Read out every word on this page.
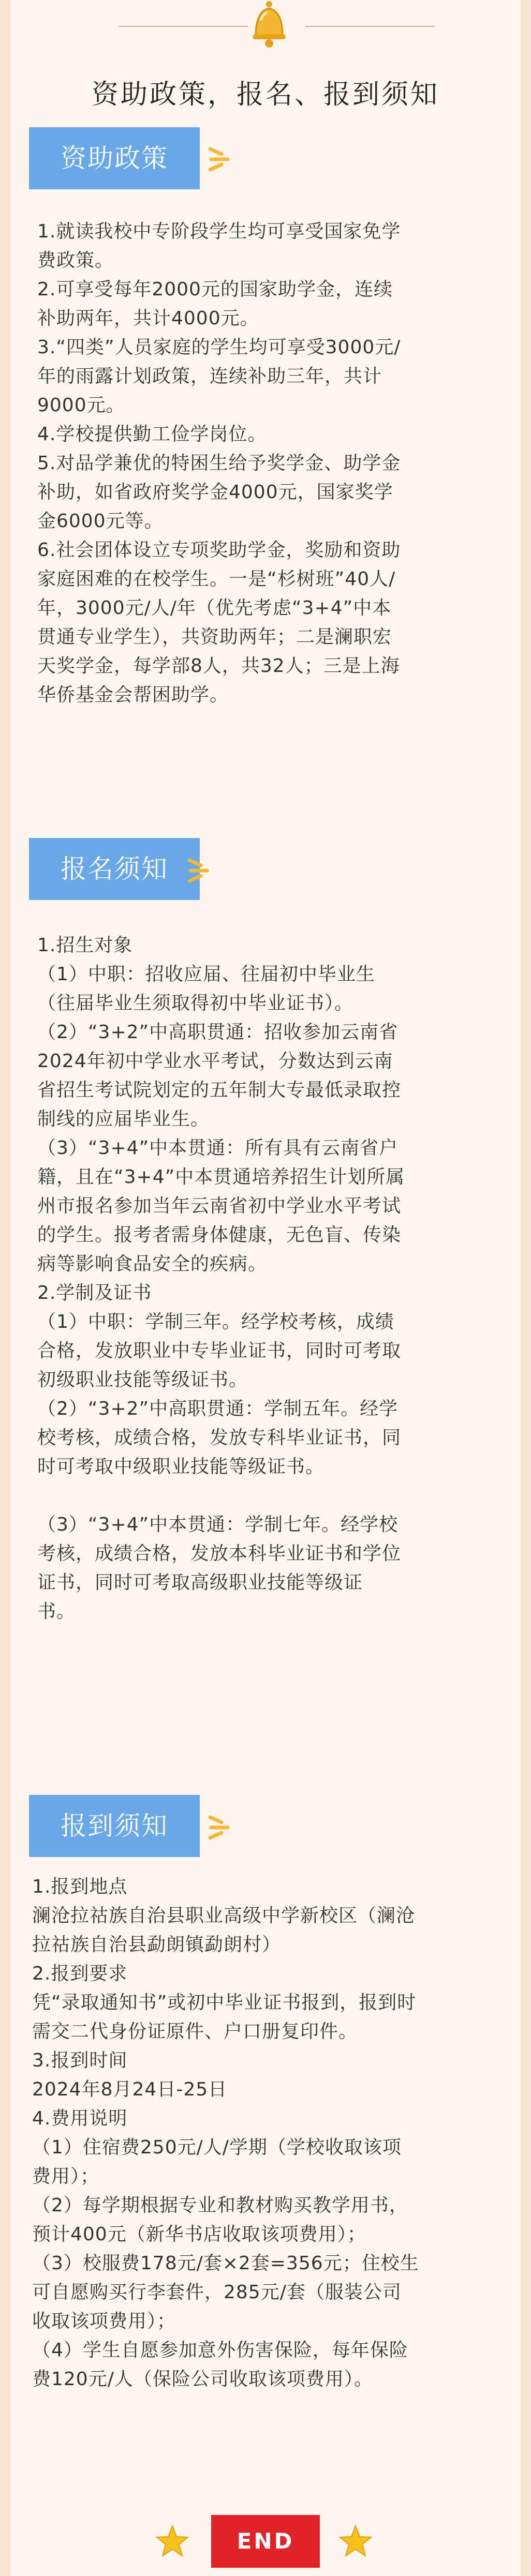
资助政策，报名、报到须知
资助政策
1.就读我校中专阶段学生均可享受国家免学
费政策。
2.可享受每年2000元的国家助学金，连续
补助两年，共计4000元。
3.“四类”人员家庭的学生均可享受3000元/
年的雨露计划政策，连续补助三年，共计
9000元。
4.学校提供勤工俭学岗位。
5.对品学兼优的特困生给予奖学金、助学金
补助，如省政府奖学金4000元，国家奖学
金6000元等。
6.社会团体设立专项奖助学金，奖励和资助
家庭困难的在校学生。一是“杉树班”40人/
年，3000元/人/年（优先考虑“3+4”中本
贯通专业学生），共资助两年；二是澜职宏
天奖学金，每学部8人，共32人；三是上海
华侨基金会帮困助学。
报名须知
1.招生对象
（1）中职：招收应届、往届初中毕业生
（往届毕业生须取得初中毕业证书）。
（2）“3+2”中高职贯通：招收参加云南省
2024年初中学业水平考试，分数达到云南
省招生考试院划定的五年制大专最低录取控
制线的应届毕业生。
（3）“3+4”中本贯通：所有具有云南省户
籍，且在“3+4”中本贯通培养招生计划所属
州市报名参加当年云南省初中学业水平考试
的学生。报考者需身体健康，无色盲、传染
病等影响食品安全的疾病。
2.学制及证书
（1）中职：学制三年。经学校考核，成绩
合格，发放职业中专毕业证书，同时可考取
初级职业技能等级证书。
（2）“3+2”中高职贯通：学制五年。经学
校考核，成绩合格，发放专科毕业证书，同
时可考取中级职业技能等级证书。
（3）“3+4”中本贯通：学制七年。经学校
考核，成绩合格，发放本科毕业证书和学位
证书，同时可考取高级职业技能等级证
书。
报到须知
1.报到地点
澜沧拉祜族自治县职业高级中学新校区（澜沧
拉祜族自治县勐朗镇勐朗村）
2.报到要求
凭“录取通知书”或初中毕业证书报到，报到时
需交二代身份证原件、户口册复印件。
3.报到时间
2024年8月24日-25日
4.费用说明
（1）住宿费250元/人/学期（学校收取该项
费用）；
（2）每学期根据专业和教材购买教学用书，
预计400元（新华书店收取该项费用）；
（3）校服费178元/套×2套=356元；住校生
可自愿购买行李套件，285元/套（服装公司
收取该项费用）；
（4）学生自愿参加意外伤害保险，每年保险
费120元/人（保险公司收取该项费用）。
END
